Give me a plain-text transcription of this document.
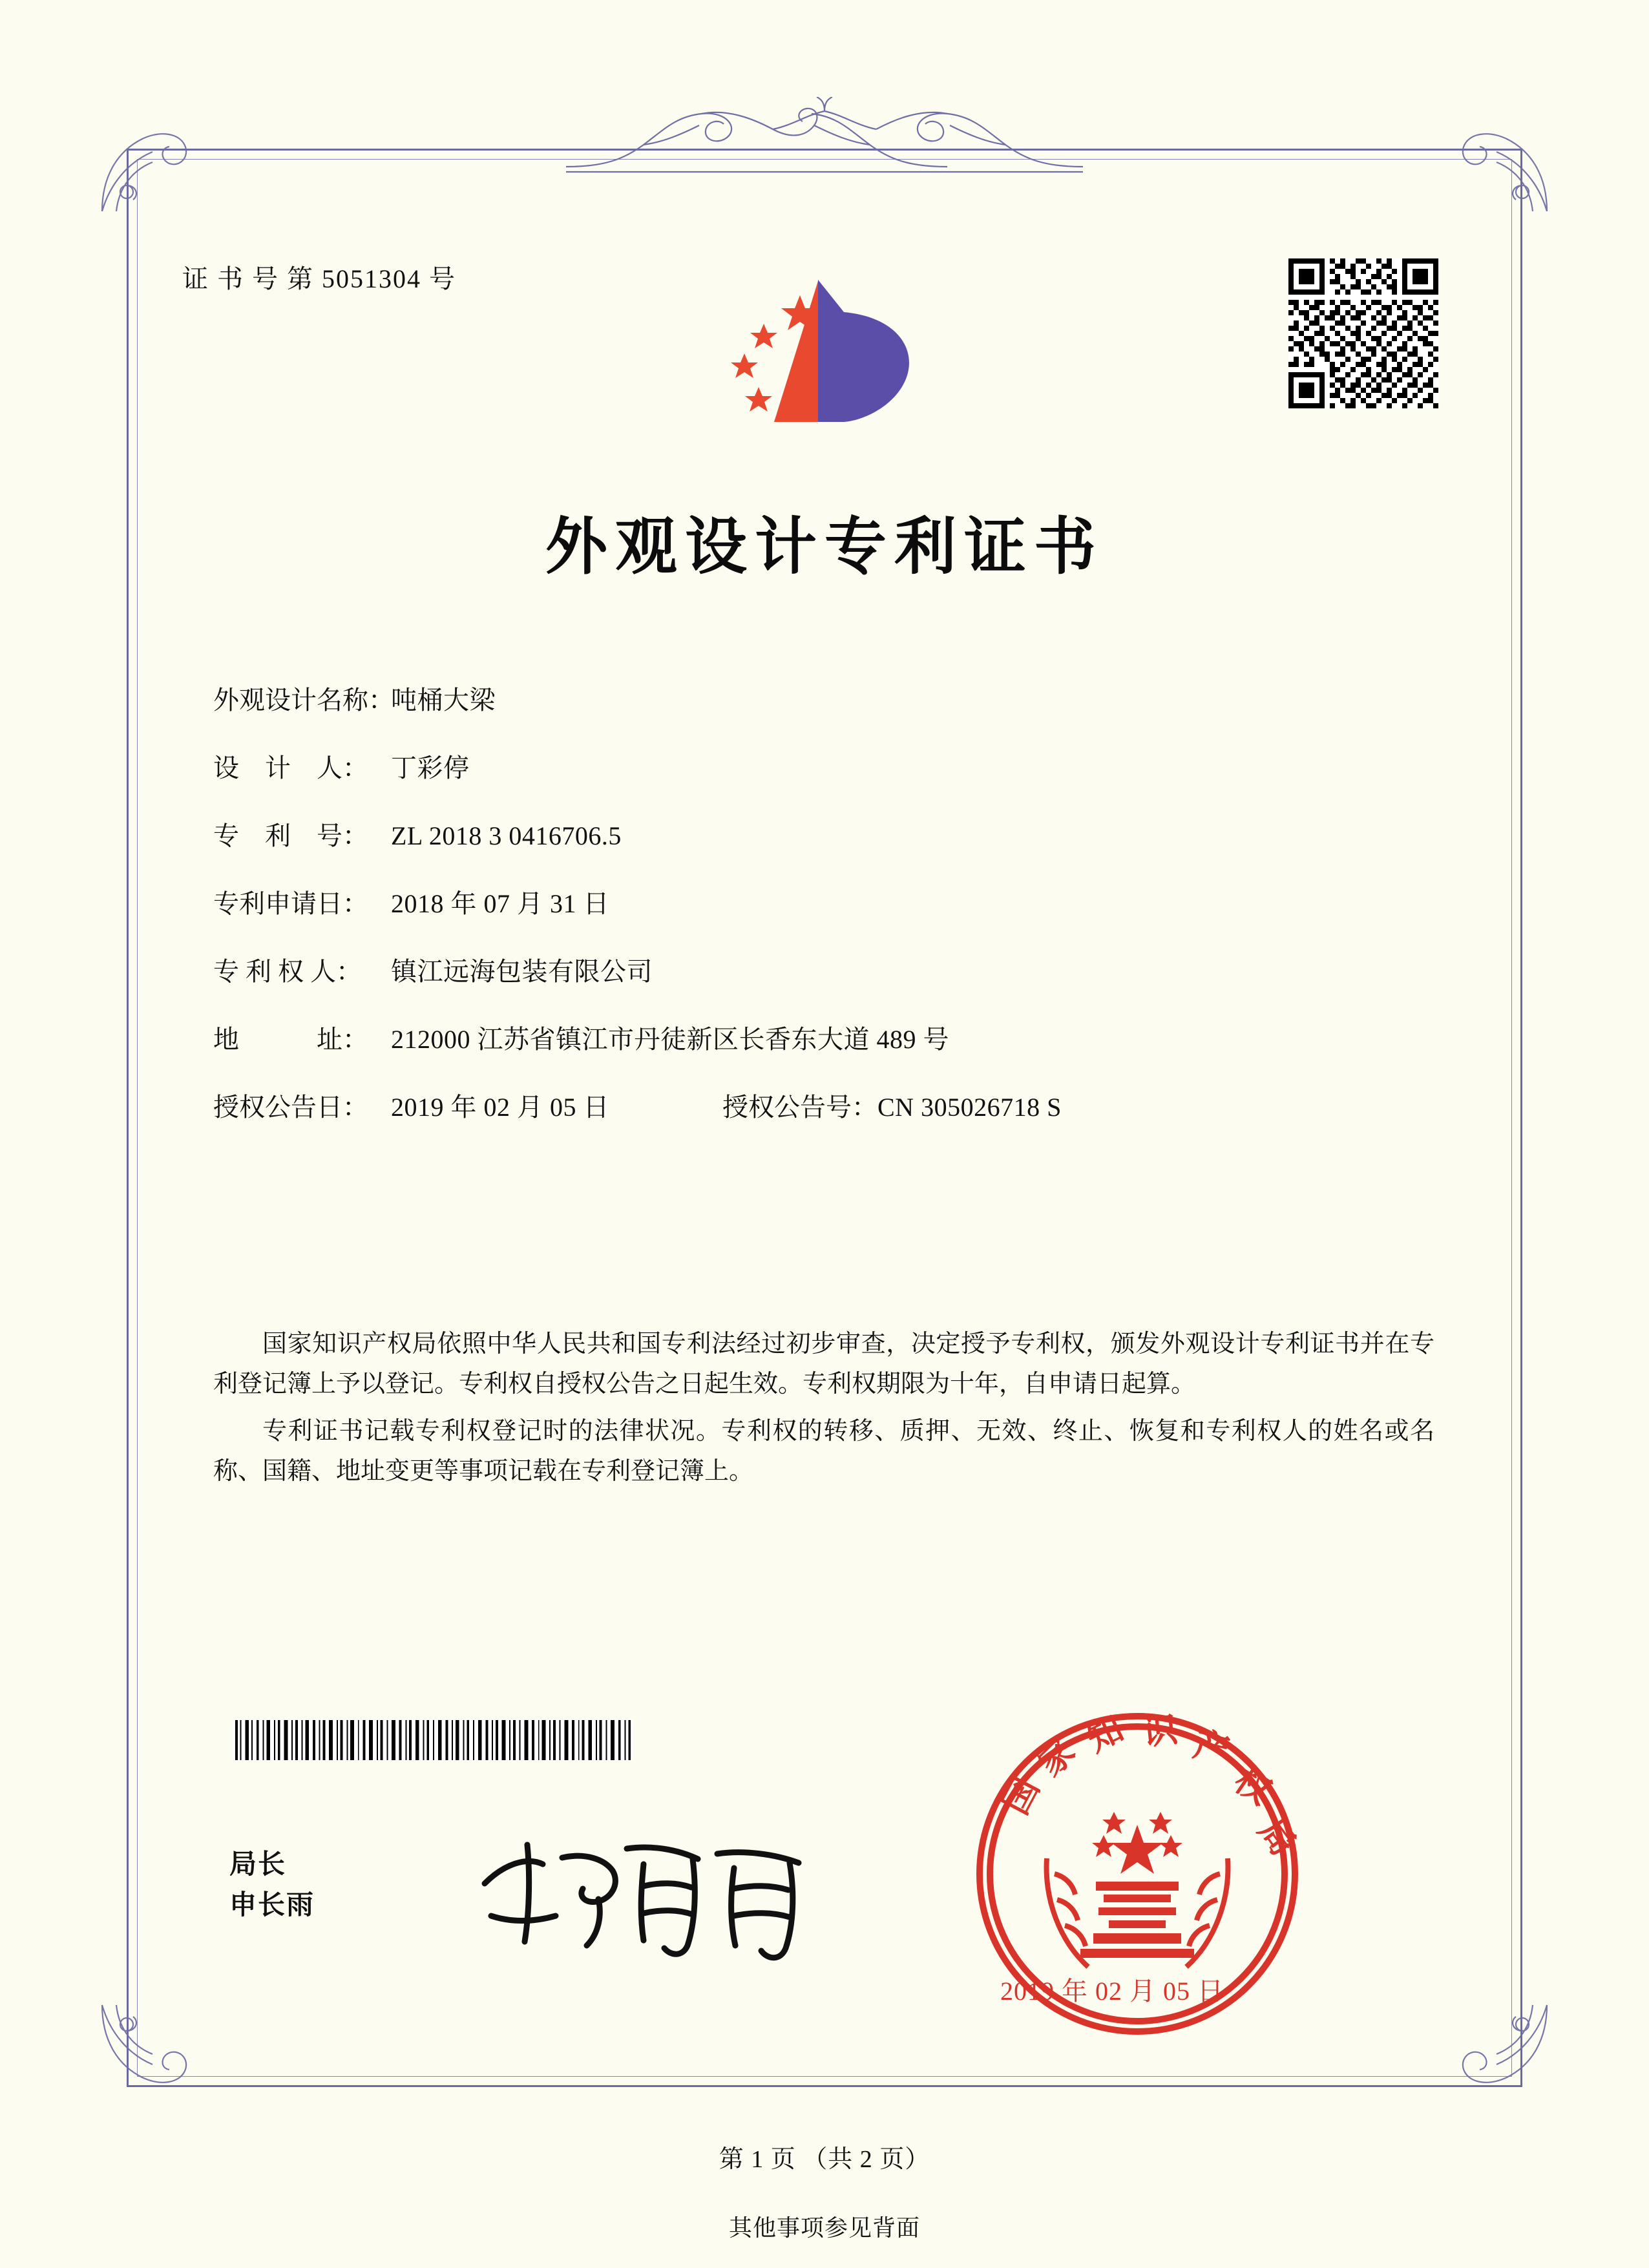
证 书 号 第 5051304 号
外观设计专利证书
外观设计名称：
吨桶大梁
设　计　人： 丁彩停
专　利　号： ZL 2018 3 0416706.5
专利申请日： 2018 年 07 月 31 日
专 利 权 人：	镇江远海包装有限公司
地　　　址： 212000 江苏省镇江市丹徒新区长香东大道 489 号
授权公告日： 2019 年 02 月 05 日	授权公告号： CN 305026718 S

国家知识产权局依照中华人民共和国专利法经过初步审查，决定授予专利权，颁发外观设计专利证书并在专利登记簿上予以登记。专利权自授权公告之日起生效。专利权期限为十年，自申请日起算。

专利证书记载专利权登记时的法律状况。专利权的转移、质押、无效、终止、恢复和专利权人的姓名或名称、国籍、地址变更等事项记载在专利登记簿上。

局长
申长雨
国
家
知 识 产
权
局
2019 年 02 月 05 日
第 1 页 （共 2 页）
其他事项参见背面
